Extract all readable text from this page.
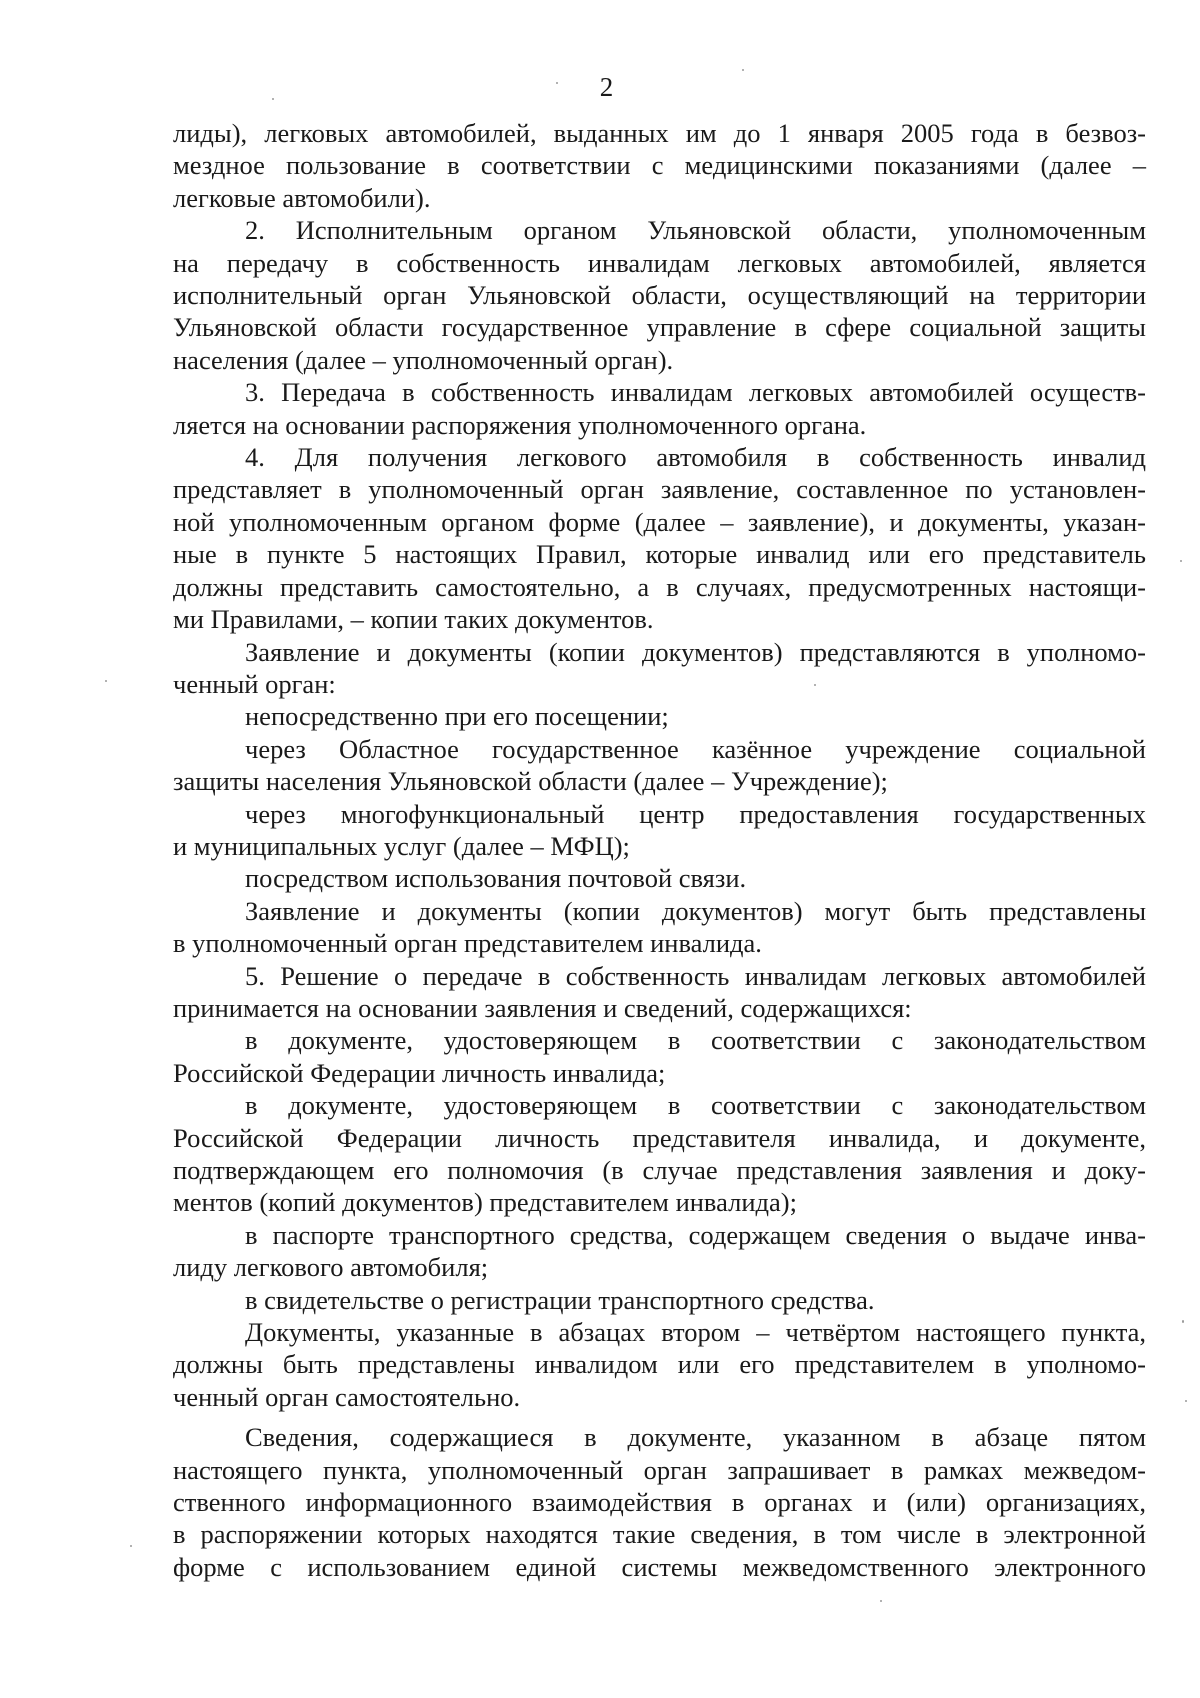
2
лиды), легковых автомобилей, выданных им до 1 января 2005 года в безвоз-
мездное пользование в соответствии с медицинскими показаниями (далее –
легковые автомобили).
2. Исполнительным органом Ульяновской области, уполномоченным
на передачу в собственность инвалидам легковых автомобилей, является
исполнительный орган Ульяновской области, осуществляющий на территории
Ульяновской области государственное управление в сфере социальной защиты
населения (далее – уполномоченный орган).
3. Передача в собственность инвалидам легковых автомобилей осуществ-
ляется на основании распоряжения уполномоченного органа.
4. Для получения легкового автомобиля в собственность инвалид
представляет в уполномоченный орган заявление, составленное по установлен-
ной уполномоченным органом форме (далее – заявление), и документы, указан-
ные в пункте 5 настоящих Правил, которые инвалид или его представитель
должны представить самостоятельно, а в случаях, предусмотренных настоящи-
ми Правилами, – копии таких документов.
Заявление и документы (копии документов) представляются в уполномо-
ченный орган:
непосредственно при его посещении;
через Областное государственное казённое учреждение социальной
защиты населения Ульяновской области (далее – Учреждение);
через многофункциональный центр предоставления государственных
и муниципальных услуг (далее – МФЦ);
посредством использования почтовой связи.
Заявление и документы (копии документов) могут быть представлены
в уполномоченный орган представителем инвалида.
5. Решение о передаче в собственность инвалидам легковых автомобилей
принимается на основании заявления и сведений, содержащихся:
в документе, удостоверяющем в соответствии с законодательством
Российской Федерации личность инвалида;
в документе, удостоверяющем в соответствии с законодательством
Российской Федерации личность представителя инвалида, и документе,
подтверждающем его полномочия (в случае представления заявления и доку-
ментов (копий документов) представителем инвалида);
в паспорте транспортного средства, содержащем сведения о выдаче инва-
лиду легкового автомобиля;
в свидетельстве о регистрации транспортного средства.
Документы, указанные в абзацах втором – четвёртом настоящего пункта,
должны быть представлены инвалидом или его представителем в уполномо-
ченный орган самостоятельно.
Сведения, содержащиеся в документе, указанном в абзаце пятом
настоящего пункта, уполномоченный орган запрашивает в рамках межведом-
ственного информационного взаимодействия в органах и (или) организациях,
в распоряжении которых находятся такие сведения, в том числе в электронной
форме с использованием единой системы межведомственного электронного
